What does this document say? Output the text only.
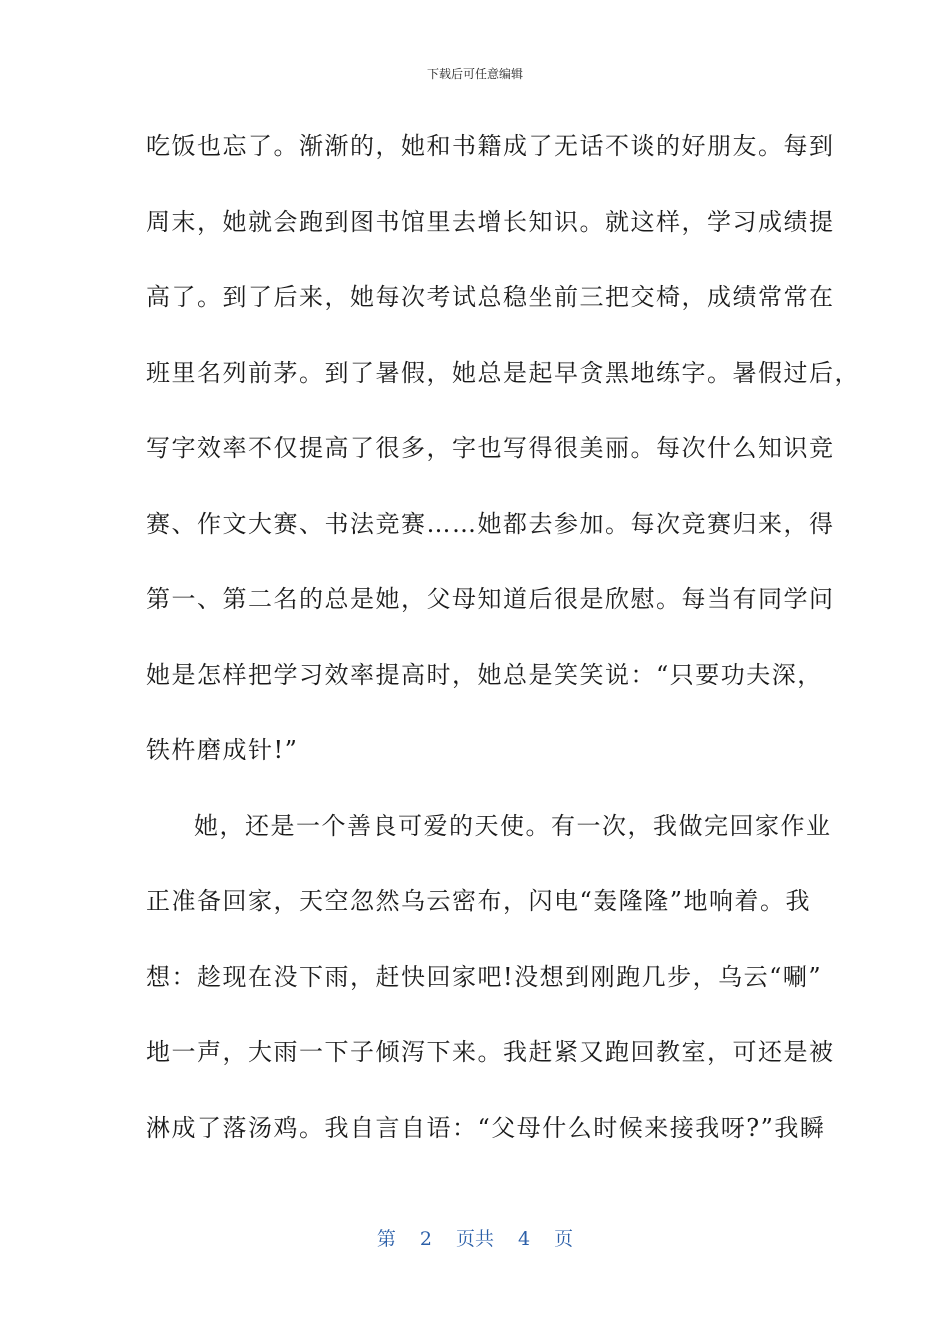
下载后可任意编辑
吃饭也忘了。渐渐的，她和书籍成了无话不谈的好朋友。每到
周末，她就会跑到图书馆里去增长知识。就这样，学习成绩提
高了。到了后来，她每次考试总稳坐前三把交椅，成绩常常在
班里名列前茅。到了暑假，她总是起早贪黑地练字。暑假过后，
写字效率不仅提高了很多，字也写得很美丽。每次什么知识竞
赛、作文大赛、书法竞赛……她都去参加。每次竞赛归来，得
第一、第二名的总是她，父母知道后很是欣慰。每当有同学问
她是怎样把学习效率提高时，她总是笑笑说：“只要功夫深，
铁杵磨成针!”
她，还是一个善良可爱的天使。有一次，我做完回家作业
正准备回家，天空忽然乌云密布，闪电“轰隆隆”地响着。我
想：趁现在没下雨，赶快回家吧!没想到刚跑几步，乌云“唰”
地一声，大雨一下子倾泻下来。我赶紧又跑回教室，可还是被
淋成了落汤鸡。我自言自语：“父母什么时候来接我呀?”我瞬
第 2 页共 4 页
